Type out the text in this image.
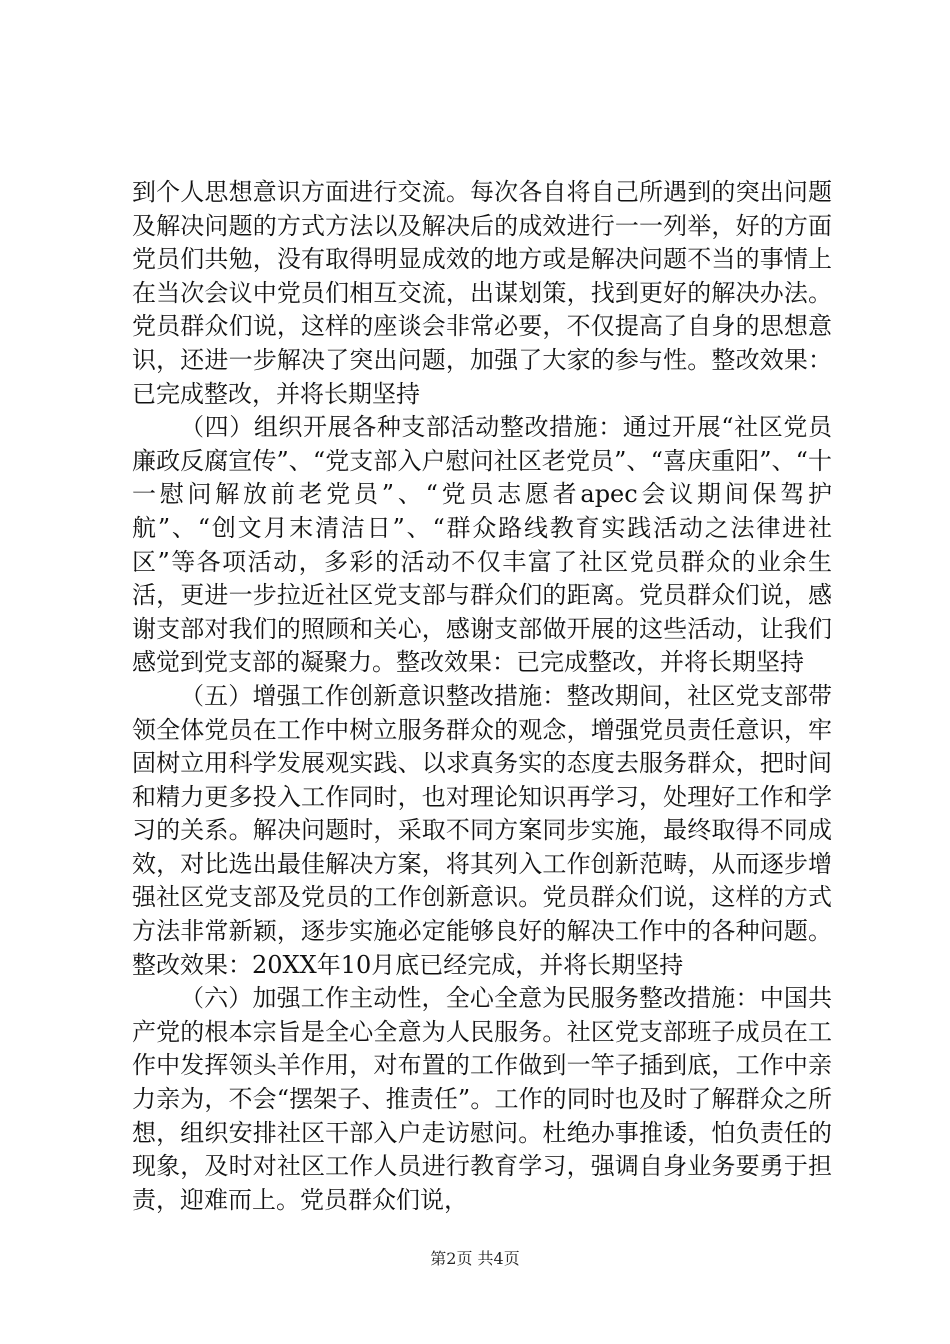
到个人思想意识方面进行交流。每次各自将自己所遇到的突出问题及解决问题的方式方法以及解决后的成效进行一一列举，好的方面党员们共勉，没有取得明显成效的地方或是解决问题不当的事情上在当次会议中党员们相互交流，出谋划策，找到更好的解决办法。党员群众们说，这样的座谈会非常必要，不仅提高了自身的思想意识，还进一步解决了突出问题，加强了大家的参与性。整改效果：已完成整改，并将长期坚持

（四）组织开展各种支部活动整改措施：通过开展“社区党员廉政反腐宣传”、“党支部入户慰问社区老党员”、“喜庆重阳”、“十一慰问解放前老党员”、“党员志愿者apec会议期间保驾护航”、“创文月末清洁日”、“群众路线教育实践活动之法律进社区”等各项活动，多彩的活动不仅丰富了社区党员群众的业余生活，更进一步拉近社区党支部与群众们的距离。党员群众们说，感谢支部对我们的照顾和关心，感谢支部做开展的这些活动，让我们感觉到党支部的凝聚力。整改效果：已完成整改，并将长期坚持

（五）增强工作创新意识整改措施：整改期间，社区党支部带领全体党员在工作中树立服务群众的观念，增强党员责任意识，牢固树立用科学发展观实践、以求真务实的态度去服务群众，把时间和精力更多投入工作同时，也对理论知识再学习，处理好工作和学习的关系。解决问题时，采取不同方案同步实施，最终取得不同成效，对比选出最佳解决方案，将其列入工作创新范畴，从而逐步增强社区党支部及党员的工作创新意识。党员群众们说，这样的方式方法非常新颖，逐步实施必定能够良好的解决工作中的各种问题。整改效果：20XX年10月底已经完成，并将长期坚持

（六）加强工作主动性，全心全意为民服务整改措施：中国共产党的根本宗旨是全心全意为人民服务。社区党支部班子成员在工作中发挥领头羊作用，对布置的工作做到一竿子插到底，工作中亲力亲为，不会“摆架子、推责任”。工作的同时也及时了解群众之所想，组织安排社区干部入户走访慰问。杜绝办事推诿，怕负责任的现象，及时对社区工作人员进行教育学习，强调自身业务要勇于担责，迎难而上。党员群众们说，

第2页 共4页
